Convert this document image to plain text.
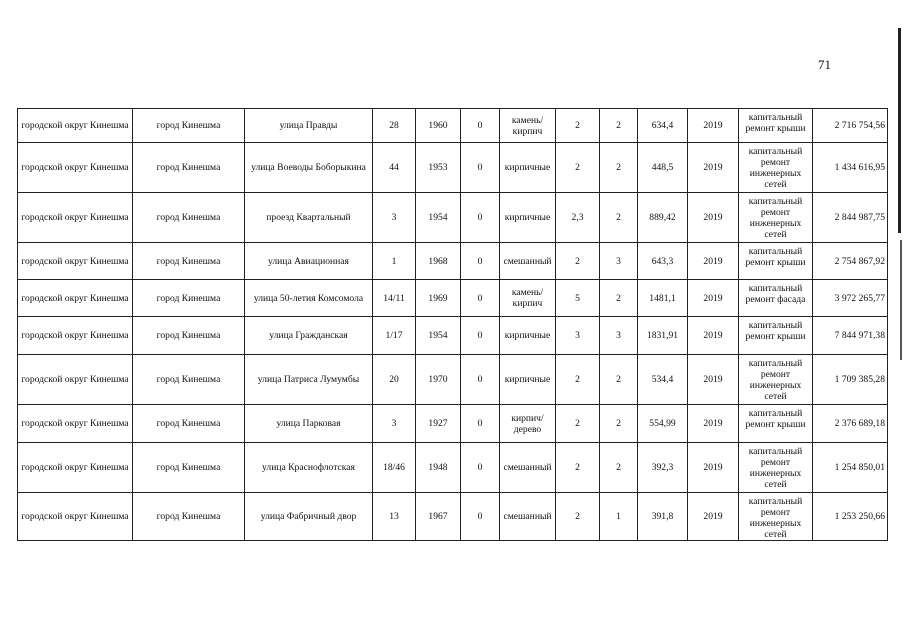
71
городской округ Кинешма	город Кинешма	улица Правды	28	1960	0	камень/кирпич	2	2	634,4	2019	капитальный ремонт крыши	2 716 754,56
городской округ Кинешма	город Кинешма	улица Воеводы Боборыкина	44	1953	0	кирпичные	2	2	448,5	2019	капитальный ремонт инженерных сетей	1 434 616,95
городской округ Кинешма	город Кинешма	проезд Квартальный	3	1954	0	кирпичные	2,3	2	889,42	2019	капитальный ремонт инженерных сетей	2 844 987,75
городской округ Кинешма	город Кинешма	улица Авиационная	1	1968	0	смешанный	2	3	643,3	2019	капитальный ремонт крыши	2 754 867,92
городской округ Кинешма	город Кинешма	улица 50-летия Комсомола	14/11	1969	0	камень/кирпич	5	2	1481,1	2019	капитальный ремонт фасада	3 972 265,77
городской округ Кинешма	город Кинешма	улица Гражданская	1/17	1954	0	кирпичные	3	3	1831,91	2019	капитальный ремонт крыши	7 844 971,38
городской округ Кинешма	город Кинешма	улица Патриса Лумумбы	20	1970	0	кирпичные	2	2	534,4	2019	капитальный ремонт инженерных сетей	1 709 385,28
городской округ Кинешма	город Кинешма	улица Парковая	3	1927	0	кирпич/дерево	2	2	554,99	2019	капитальный ремонт крыши	2 376 689,18
городской округ Кинешма	город Кинешма	улица Краснофлотская	18/46	1948	0	смешанный	2	2	392,3	2019	капитальный ремонт инженерных сетей	1 254 850,01
городской округ Кинешма	город Кинешма	улица Фабричный двор	13	1967	0	смешанный	2	1	391,8	2019	капитальный ремонт инженерных сетей	1 253 250,66
